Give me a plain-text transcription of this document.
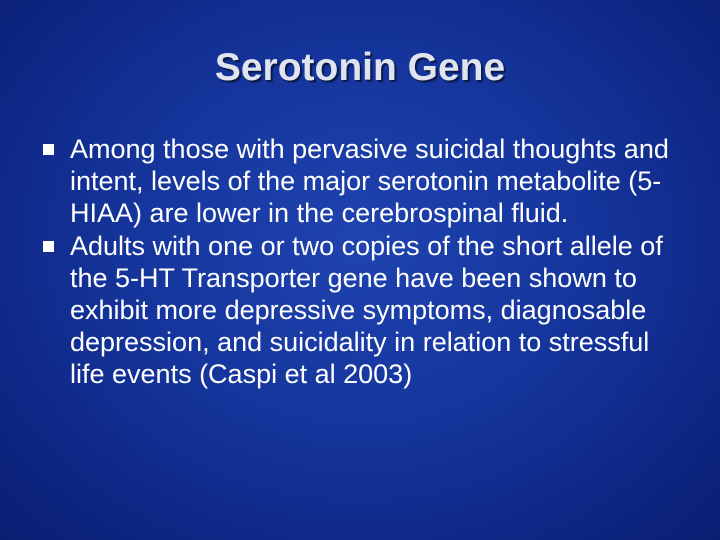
Serotonin Gene
Among those with pervasive suicidal thoughts and intent, levels of the major serotonin metabolite (5-HIAA) are lower in the cerebrospinal fluid.
Adults with one or two copies of the short allele of the 5-HT Transporter gene have been shown to exhibit more depressive symptoms, diagnosable depression, and suicidality in relation to stressful life events (Caspi et al 2003)
